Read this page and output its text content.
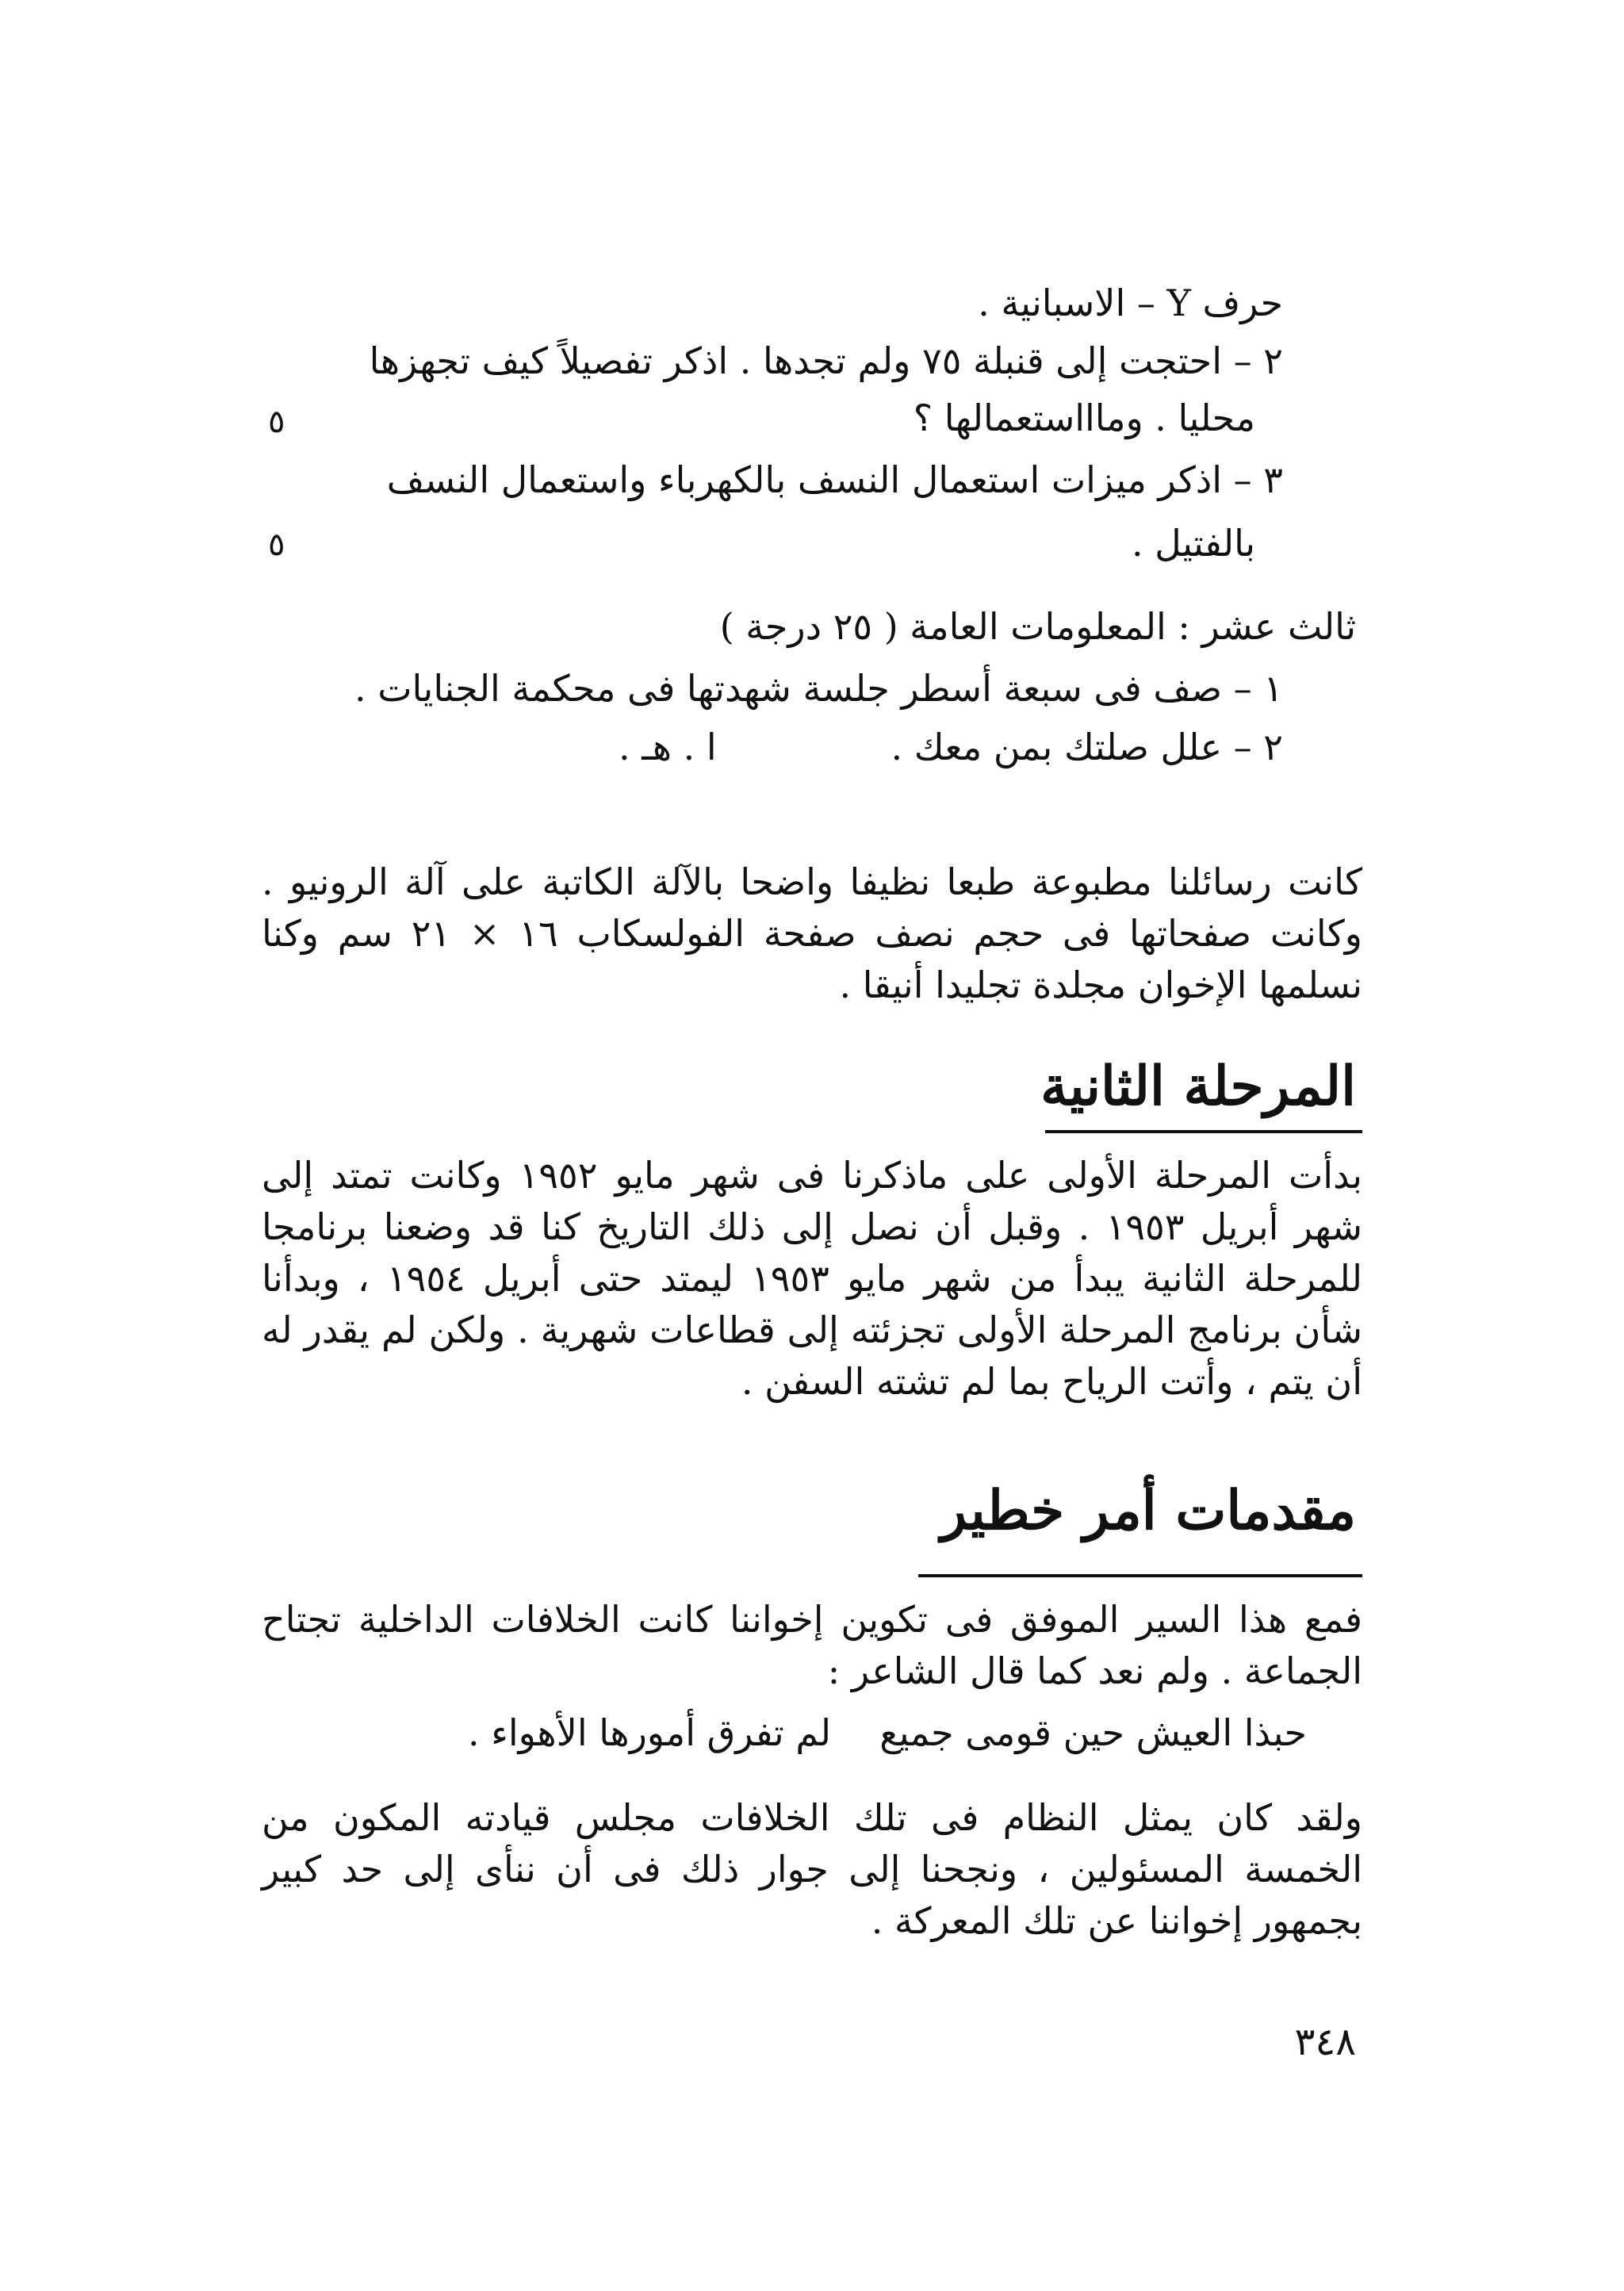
حرف Y – الاسبانية .
٢ – احتجت إلى قنبلة ٧٥ ولم تجدها . اذكر تفصيلاً كيف تجهزها
محليا . وماااستعمالها ؟
٥
٣ – اذكر ميزات استعمال النسف بالكهرباء واستعمال النسف
بالفتيل .
٥
ثالث عشر : المعلومات العامة ( ٢٥ درجة )
١ – صف فى سبعة أسطر جلسة شهدتها فى محكمة الجنايات .
٢ – علل صلتك بمن معك .
ا . هـ .
كانت رسائلنا مطبوعة طبعا نظيفا واضحا بالآلة الكاتبة على آلة الرونيو . وكانت صفحاتها فى حجم نصف صفحة الفولسكاب ١٦ × ٢١ سم وكنا نسلمها الإخوان مجلدة تجليدا أنيقا .
المرحلة الثانية
بدأت المرحلة الأولى على ماذكرنا فى شهر مايو ١٩٥٢ وكانت تمتد إلى شهر أبريل ١٩٥٣ . وقبل أن نصل إلى ذلك التاريخ كنا قد وضعنا برنامجا للمرحلة الثانية يبدأ من شهر مايو ١٩٥٣ ليمتد حتى أبريل ١٩٥٤ ، وبدأنا شأن برنامج المرحلة الأولى تجزئته إلى قطاعات شهرية . ولكن لم يقدر له أن يتم ، وأتت الرياح بما لم تشته السفن .
مقدمات أمر خطير
فمع هذا السير الموفق فى تكوين إخواننا كانت الخلافات الداخلية تجتاح الجماعة . ولم نعد كما قال الشاعر :
حبذا العيش حين قومى جميع
لم تفرق أمورها الأهواء .
ولقد كان يمثل النظام فى تلك الخلافات مجلس قيادته المكون من الخمسة المسئولين ، ونجحنا إلى جوار ذلك فى أن ننأى إلى حد كبير بجمهور إخواننا عن تلك المعركة .
٣٤٨
